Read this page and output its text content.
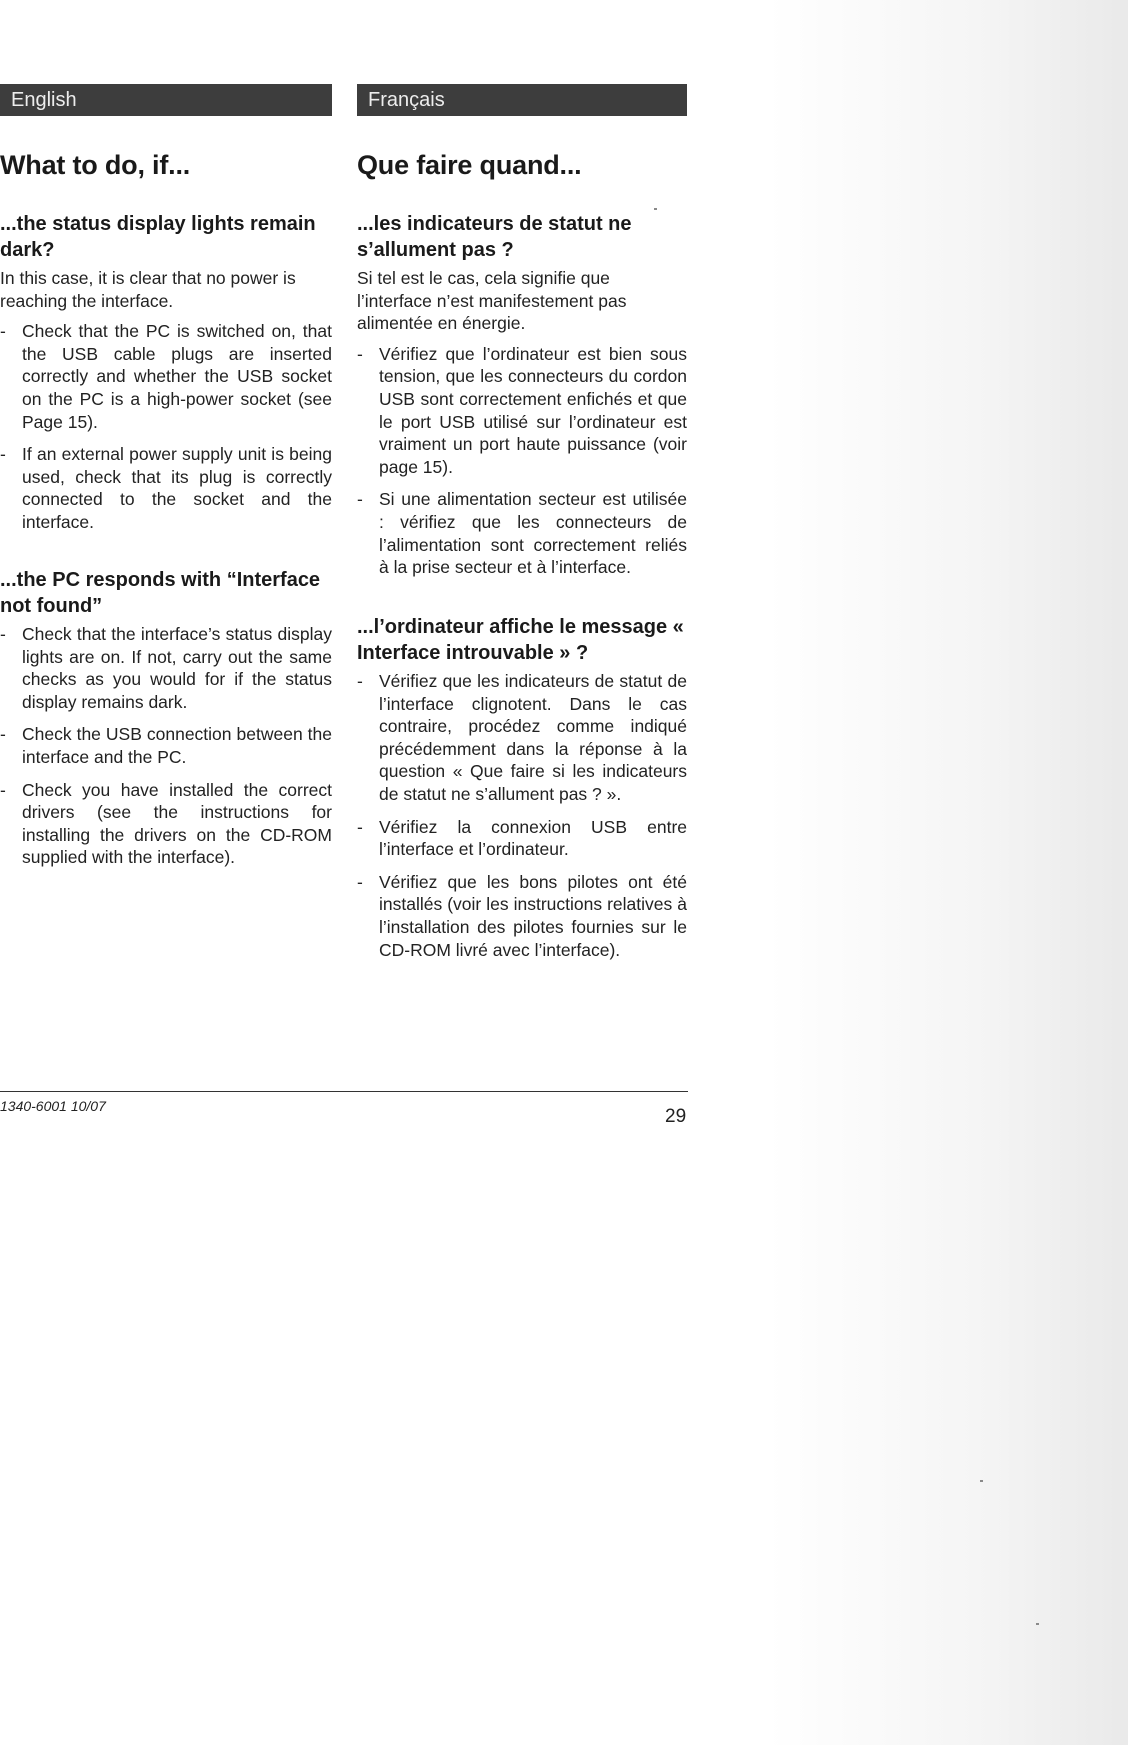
English
What to do, if...
...the status display lights remain dark?

In this case, it is clear that no power is reaching the interface.

- Check that the PC is switched on, that the USB cable plugs are inserted correctly and whether the USB socket on the PC is a high-power socket (see Page 15).
- If an external power supply unit is being used, check that its plug is correctly connected to the socket and the interface.
...the PC responds with “Interface not found”
- Check that the interface’s status display lights are on. If not, carry out the same checks as you would for if the status display remains dark.
- Check the USB connection between the interface and the PC.
- Check you have installed the correct drivers (see the instructions for installing the drivers on the CD-ROM supplied with the interface).
Français
Que faire quand...
...les indicateurs de statut ne s’allument pas ?

Si tel est le cas, cela signifie que l’interface n’est manifestement pas alimentée en énergie.

- Vérifiez que l’ordinateur est bien sous tension, que les connecteurs du cordon USB sont correctement enfichés et que le port USB utilisé sur l’ordinateur est vraiment un port haute puissance (voir page 15).
- Si une alimentation secteur est utilisée : vérifiez que les connecteurs de l’alimentation sont correctement reliés à la prise secteur et à l’interface.
...l’ordinateur affiche le message « Interface introuvable » ?
- Vérifiez que les indicateurs de statut de l’interface clignotent. Dans le cas contraire, procédez comme indiqué précédemment dans la réponse à la question « Que faire si les indicateurs de statut ne s’allument pas ? ».
- Vérifiez la connexion USB entre l’interface et l’ordinateur.
- Vérifiez que les bons pilotes ont été installés (voir les instructions relatives à l’installation des pilotes fournies sur le CD-ROM livré avec l’interface).
1340-6001 10/07	29
